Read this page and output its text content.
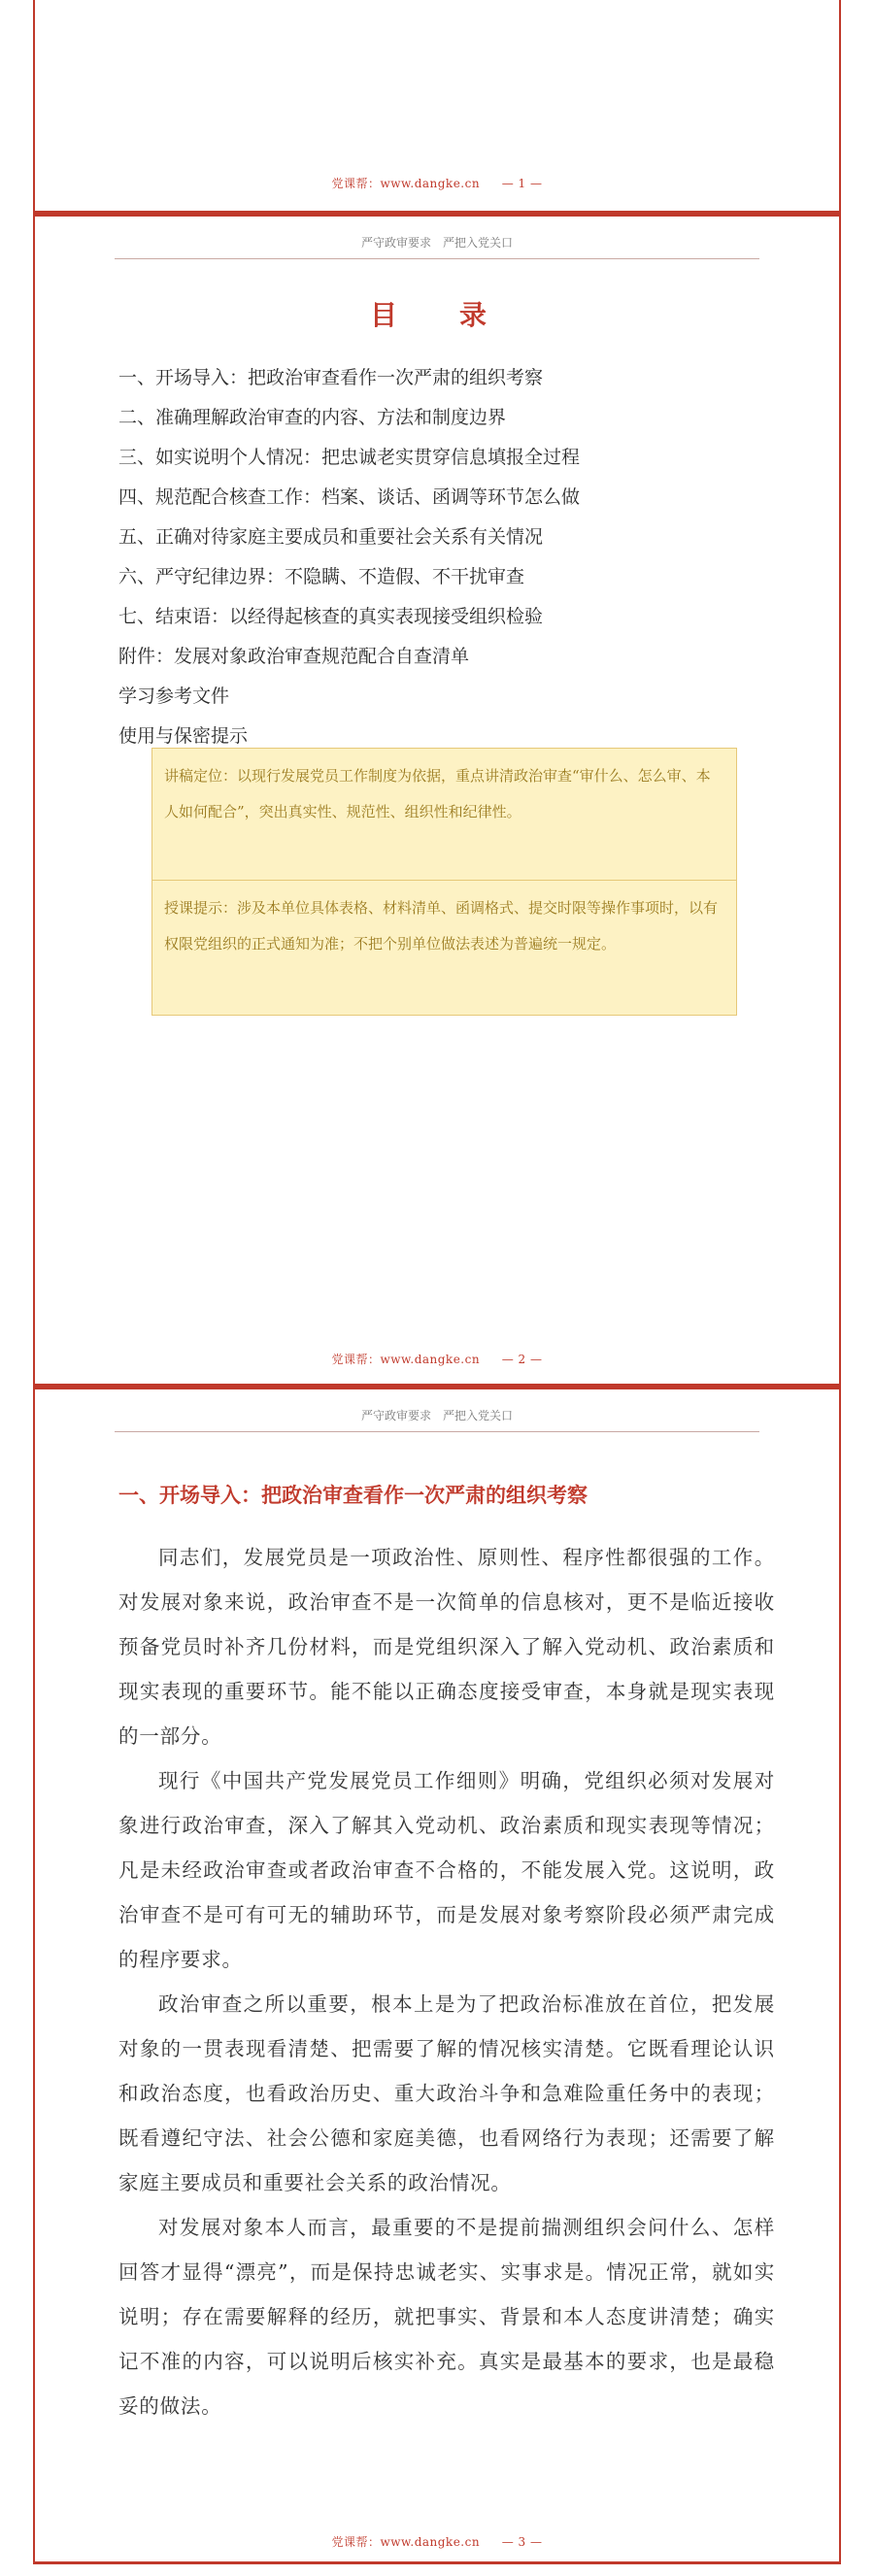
党课帮：www.dangke.cn — 1 —
严守政审要求　严把入党关口
目　录
一、开场导入：把政治审查看作一次严肃的组织考察
二、准确理解政治审查的内容、方法和制度边界
三、如实说明个人情况：把忠诚老实贯穿信息填报全过程
四、规范配合核查工作：档案、谈话、函调等环节怎么做
五、正确对待家庭主要成员和重要社会关系有关情况
六、严守纪律边界：不隐瞒、不造假、不干扰审查
七、结束语：以经得起核查的真实表现接受组织检验
附件：发展对象政治审查规范配合自查清单
学习参考文件
使用与保密提示
讲稿定位：以现行发展党员工作制度为依据，重点讲清政治审查“审什么、怎么审、本人如何配合”，突出真实性、规范性、组织性和纪律性。
授课提示：涉及本单位具体表格、材料清单、函调格式、提交时限等操作事项时，以有权限党组织的正式通知为准；不把个别单位做法表述为普遍统一规定。
党课帮：www.dangke.cn — 2 —
严守政审要求　严把入党关口
一、开场导入：把政治审查看作一次严肃的组织考察

同志们，发展党员是一项政治性、原则性、程序性都很强的工作。对发展对象来说，政治审查不是一次简单的信息核对，更不是临近接收预备党员时补齐几份材料，而是党组织深入了解入党动机、政治素质和现实表现的重要环节。能不能以正确态度接受审查，本身就是现实表现的一部分。

现行《中国共产党发展党员工作细则》明确，党组织必须对发展对象进行政治审查，深入了解其入党动机、政治素质和现实表现等情况；凡是未经政治审查或者政治审查不合格的，不能发展入党。这说明，政治审查不是可有可无的辅助环节，而是发展对象考察阶段必须严肃完成的程序要求。

政治审查之所以重要，根本上是为了把政治标准放在首位，把发展对象的一贯表现看清楚、把需要了解的情况核实清楚。它既看理论认识和政治态度，也看政治历史、重大政治斗争和急难险重任务中的表现；既看遵纪守法、社会公德和家庭美德，也看网络行为表现；还需要了解家庭主要成员和重要社会关系的政治情况。

对发展对象本人而言，最重要的不是提前揣测组织会问什么、怎样回答才显得“漂亮”，而是保持忠诚老实、实事求是。情况正常，就如实说明；存在需要解释的经历，就把事实、背景和本人态度讲清楚；确实记不准的内容，可以说明后核实补充。真实是最基本的要求，也是最稳妥的做法。

党课帮：www.dangke.cn — 3 —
